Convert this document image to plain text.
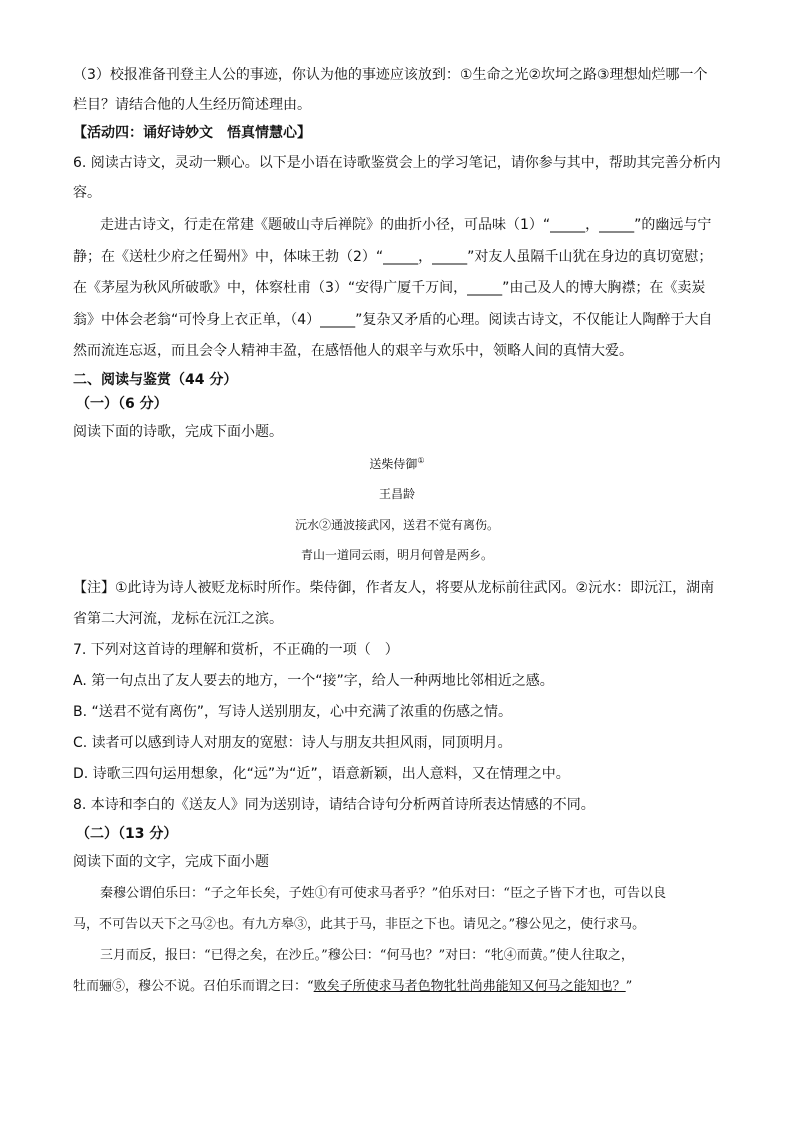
（3）校报准备刊登主人公的事迹，你认为他的事迹应该放到：①生命之光②坎坷之路③理想灿烂哪一个
栏目？请结合他的人生经历简述理由。
【活动四：诵好诗妙文　悟真情慧心】
6. 阅读古诗文，灵动一颗心。以下是小语在诗歌鉴赏会上的学习笔记，请你参与其中，帮助其完善分析内
容。
走进古诗文，行走在常建《题破山寺后禅院》的曲折小径，可品味（1）“_____，_____”的幽远与宁
静；在《送杜少府之任蜀州》中，体味王勃（2）“_____，_____”对友人虽隔千山犹在身边的真切宽慰；
在《茅屋为秋风所破歌》中，体察杜甫（3）“安得广厦千万间，_____”由己及人的博大胸襟；在《卖炭
翁》中体会老翁“可怜身上衣正单，（4）_____”复杂又矛盾的心理。阅读古诗文，不仅能让人陶醉于大自
然而流连忘返，而且会令人精神丰盈，在感悟他人的艰辛与欢乐中，领略人间的真情大爱。
二、阅读与鉴赏（44 分）
（一）（6 分）
阅读下面的诗歌，完成下面小题。
送柴侍御①
王昌龄
沅水②通波接武冈，送君不觉有离伤。
青山一道同云雨，明月何曾是两乡。
【注】①此诗为诗人被贬龙标时所作。柴侍御，作者友人，将要从龙标前往武冈。②沅水：即沅江，湖南
省第二大河流，龙标在沅江之滨。
7. 下列对这首诗的理解和赏析，不正确的一项（　）
A. 第一句点出了友人要去的地方，一个“接”字，给人一种两地比邻相近之感。
B. “送君不觉有离伤”，写诗人送别朋友，心中充满了浓重的伤感之情。
C. 读者可以感到诗人对朋友的宽慰：诗人与朋友共担风雨，同顶明月。
D. 诗歌三四句运用想象，化“远”为“近”，语意新颖，出人意料，又在情理之中。
8. 本诗和李白的《送友人》同为送别诗，请结合诗句分析两首诗所表达情感的不同。
（二）（13 分）
阅读下面的文字，完成下面小题
秦穆公谓伯乐曰：“子之年长矣，子姓①有可使求马者乎？”伯乐对曰：“臣之子皆下才也，可告以良
马，不可告以天下之马②也。有九方皋③，此其于马，非臣之下也。请见之。”穆公见之，使行求马。
三月而反，报曰：“已得之矣，在沙丘。”穆公曰：“何马也？”对曰：“牝④而黄。”使人往取之，
牡而骊⑤，穆公不说。召伯乐而谓之曰：“败矣子所使求马者色物牝牡尚弗能知又何马之能知也？”
